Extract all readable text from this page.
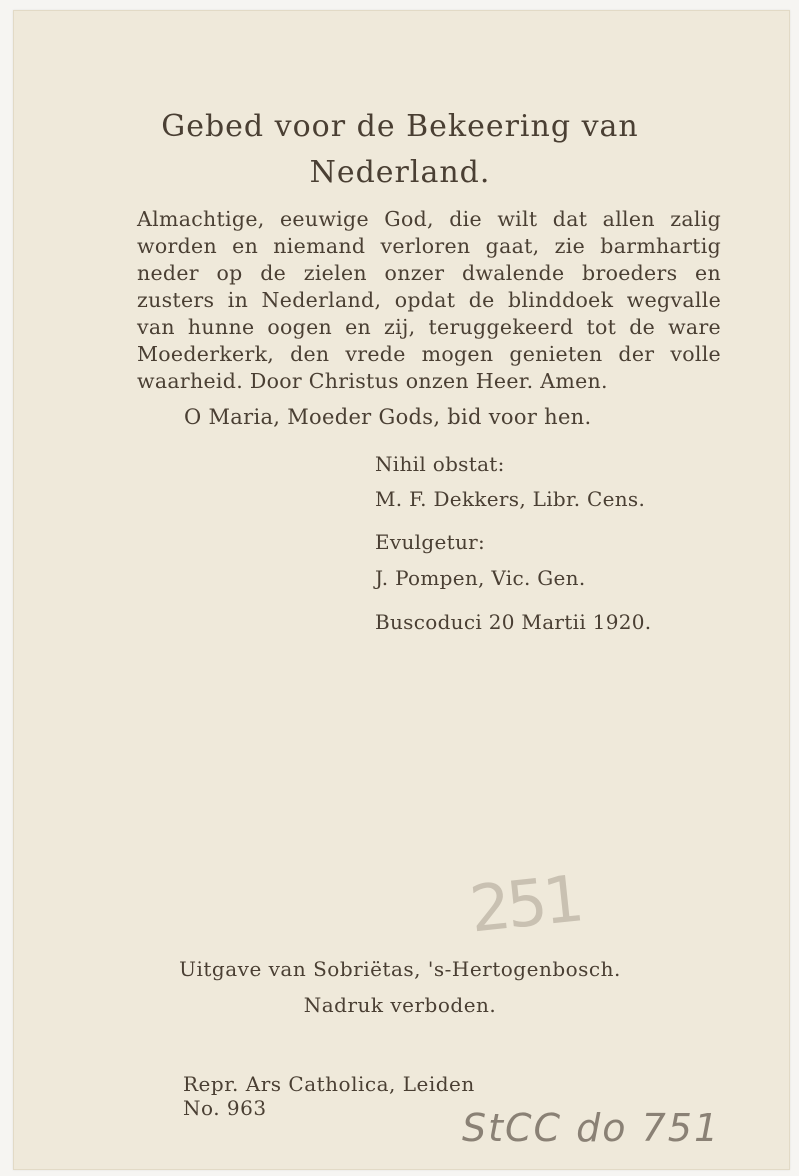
Gebed voor de Bekeering van
Nederland.
Almachtige, eeuwige God, die wilt dat allen zalig worden en niemand verloren gaat, zie barmhartig neder op de zielen onzer dwalende broeders en zusters in Nederland, opdat de blinddoek wegvalle van hunne oogen en zij, teruggekeerd tot de ware Moederkerk, den vrede mogen genieten der volle waarheid. Door Christus onzen Heer. Amen.
O Maria, Moeder Gods, bid voor hen.
Nihil obstat:
M. F. Dekkers, Libr. Cens.
Evulgetur:
J. Pompen, Vic. Gen.
Buscoduci 20 Martii 1920.
251
Uitgave van Sobriëtas, 's-Hertogenbosch.
Nadruk verboden.
Repr. Ars Catholica, Leiden No. 963	StCC do 751
